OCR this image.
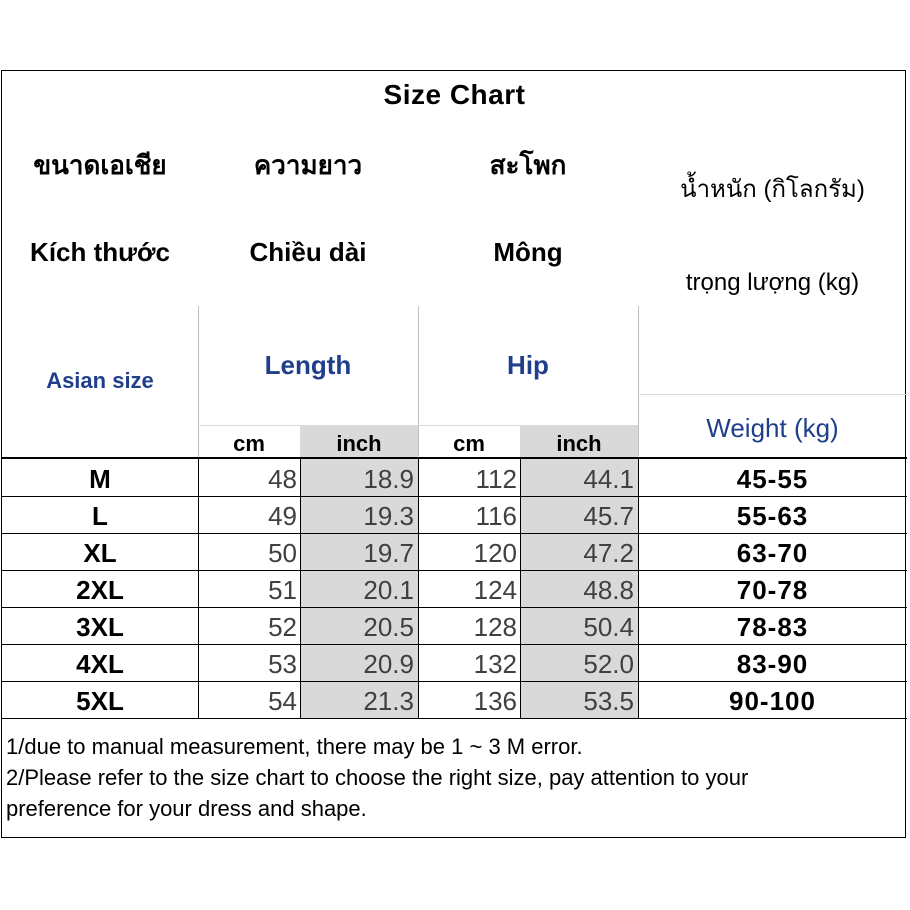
Size Chart
ขนาดเอเชีย	ความยาว	สะโพก
น้ำหนัก (กิโลกรัม)
Kích thước	Chiều dài	Mông
trọng lượng (kg)
Asian size
Length	Hip
Weight (kg)
cm	inch	cm	inch
M	48	18.9	112	44.1	45-55
L	49	19.3	116	45.7	55-63
XL	50	19.7	120	47.2	63-70
2XL	51	20.1	124	48.8	70-78
3XL	52	20.5	128	50.4	78-83
4XL	53	20.9	132	52.0	83-90
5XL	54	21.3	136	53.5	90-100
1/due to manual measurement, there may be 1 ~ 3 M error.
2/Please refer to the size chart to choose the right size, pay attention to your
preference for your dress and shape.
